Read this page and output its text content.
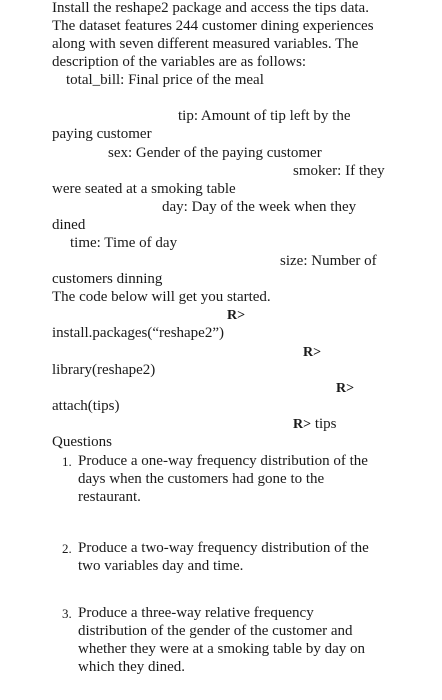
Install the reshape2 package and access the tips data.

The dataset features 244 customer dining experiences

along with seven different measured variables. The

description of the variables are as follows:

total_bill: Final price of the meal

tip: Amount of tip left by the

paying customer

sex: Gender of the paying customer

smoker: If they

were seated at a smoking table

day: Day of the week when they

dined

time: Time of day

size: Number of

customers dinning

The code below will get you started.

R>

install.packages(“reshape2”)

R>

library(reshape2)

R>

attach(tips)

R> tips

Questions

1. Produce a one-way frequency distribution of the

days when the customers had gone to the

restaurant.

2. Produce a two-way frequency distribution of the

two variables day and time.

3. Produce a three-way relative frequency

distribution of the gender of the customer and

whether they were at a smoking table by day on

which they dined.
